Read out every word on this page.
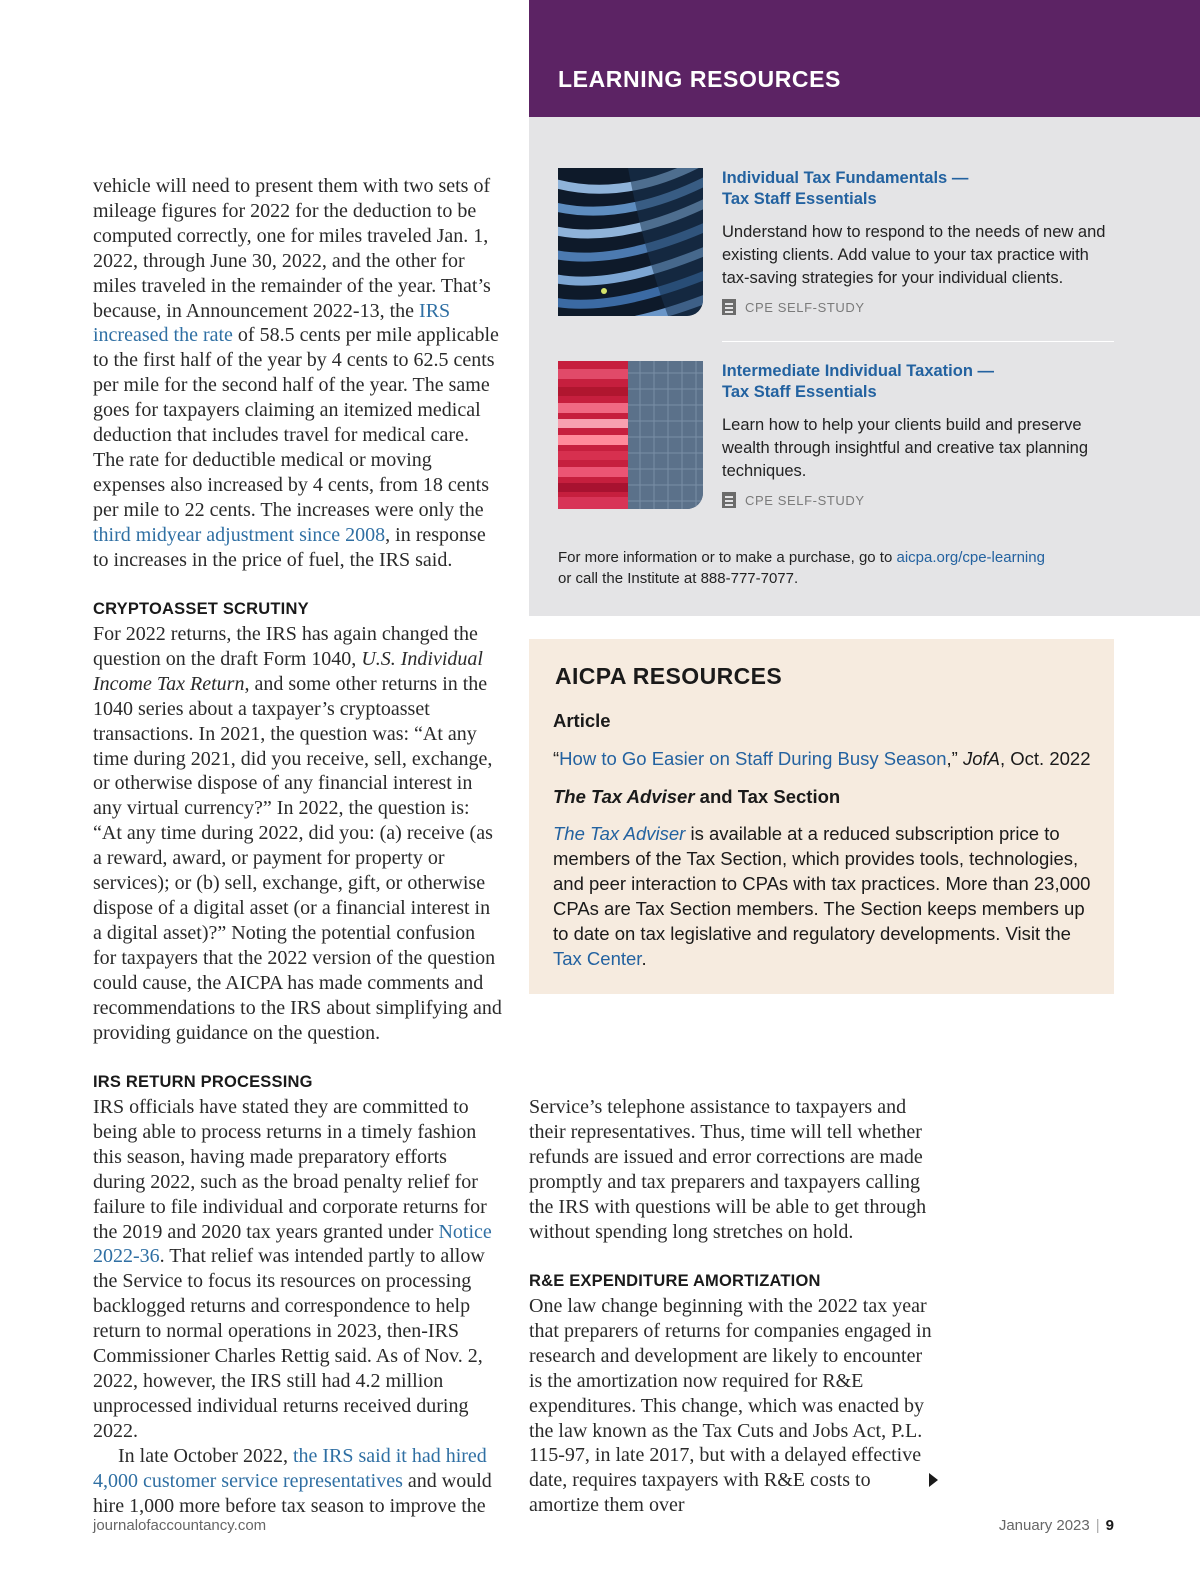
vehicle will need to present them with two sets of mileage figures for 2022 for the deduction to be computed correctly, one for miles traveled Jan. 1, 2022, through June 30, 2022, and the other for miles traveled in the remainder of the year. That’s because, in Announcement 2022-13, the IRS increased the rate of 58.5 cents per mile applicable to the first half of the year by 4 cents to 62.5 cents per mile for the second half of the year. The same goes for taxpayers claiming an itemized medical deduction that includes travel for medical care. The rate for deductible medical or moving expenses also increased by 4 cents, from 18 cents per mile to 22 cents. The increases were only the third midyear adjustment since 2008, in response to increases in the price of fuel, the IRS said.

CRYPTOASSET SCRUTINY

For 2022 returns, the IRS has again changed the question on the draft Form 1040, U.S. Individual Income Tax Return, and some other returns in the 1040 series about a taxpayer’s cryptoasset transactions. In 2021, the question was: “At any time during 2021, did you receive, sell, exchange, or otherwise dispose of any financial interest in any virtual currency?” In 2022, the question is: “At any time during 2022, did you: (a) receive (as a reward, award, or payment for property or services); or (b) sell, exchange, gift, or otherwise dispose of a digital asset (or a financial interest in a digital asset)?” Noting the potential confusion for taxpayers that the 2022 version of the question could cause, the AICPA has made comments and recommendations to the IRS about simplifying and providing guidance on the question.

IRS RETURN PROCESSING

IRS officials have stated they are committed to being able to process returns in a timely fashion this season, having made preparatory efforts during 2022, such as the broad penalty relief for failure to file individual and corporate returns for the 2019 and 2020 tax years granted under Notice 2022-36. That relief was intended partly to allow the Service to focus its resources on processing backlogged returns and correspondence to help return to normal operations in 2023, then-IRS Commissioner Charles Rettig said. As of Nov. 2, 2022, however, the IRS still had 4.2 million unprocessed individual returns received during 2022.

In late October 2022, the IRS said it had hired 4,000 customer service representatives and would hire 1,000 more before tax season to improve the

Service’s telephone assistance to taxpayers and their representatives. Thus, time will tell whether refunds are issued and error corrections are made promptly and tax preparers and taxpayers calling the IRS with questions will be able to get through without spending long stretches on hold.

R&E EXPENDITURE AMORTIZATION

One law change beginning with the 2022 tax year that preparers of returns for companies engaged in research and development are likely to encounter is the amortization now required for R&E expenditures. This change, which was enacted by the law known as the Tax Cuts and Jobs Act, P.L. 115-97, in late 2017, but with a delayed effective date, requires taxpayers with R&E costs to amortize them over

LEARNING RESOURCES
Individual Tax Fundamentals —
Tax Staff Essentials
Understand how to respond to the needs of new and existing clients. Add value to your tax practice with tax-saving strategies for your individual clients.
CPE SELF-STUDY
Intermediate Individual Taxation —
Tax Staff Essentials
Learn how to help your clients build and preserve wealth through insightful and creative tax planning techniques.
CPE SELF-STUDY
For more information or to make a purchase, go to aicpa.org/cpe-learning
or call the Institute at 888-777-7077.
AICPA RESOURCES
Article
“How to Go Easier on Staff During Busy Season,” JofA, Oct. 2022
The Tax Adviser and Tax Section
The Tax Adviser is available at a reduced subscription price to members of the Tax Section, which provides tools, technologies, and peer interaction to CPAs with tax practices. More than 23,000 CPAs are Tax Section members. The Section keeps members up to date on tax legislative and regulatory developments. Visit the Tax Center.
journalofaccountancy.com	January 2023 | 9
